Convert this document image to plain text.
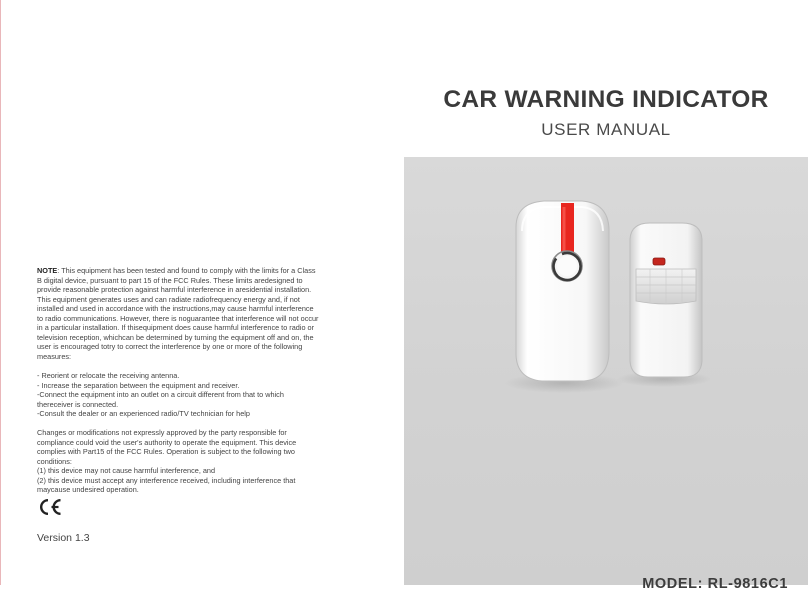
NOTE: This equipment has been tested and found to comply with the limits for a Class B digital device, pursuant to part 15 of the FCC Rules. These limits aredesigned to provide reasonable protection against harmful interference in aresidential installation. This equipment generates uses and can radiate radiofrequency energy and, if not installed and used in accordance with the instructions,may cause harmful interference to radio communications. However, there is noguarantee that interference will not occur in a particular installation. If thisequipment does cause harmful interference to radio or television reception, whichcan be determined by turning the equipment off and on, the user is encouraged totry to correct the interference by one or more of the following measures:

- Reorient or relocate the receiving antenna.

- Increase the separation between the equipment and receiver.

-Connect the equipment into an outlet on a circuit different from that to which thereceiver is connected.

-Consult the dealer or an experienced radio/TV technician for help

Changes or modifications not expressly approved by the party responsible for compliance could void the user's authority to operate the equipment. This device complies with Part15 of the FCC Rules. Operation is subject to the following two conditions:

(1) this device may not cause harmful interference, and

(2) this device must accept any interference received, including interference that maycause undesired operation.

Version 1.3
CAR WARNING INDICATOR
USER MANUAL
MODEL: RL-9816C1
